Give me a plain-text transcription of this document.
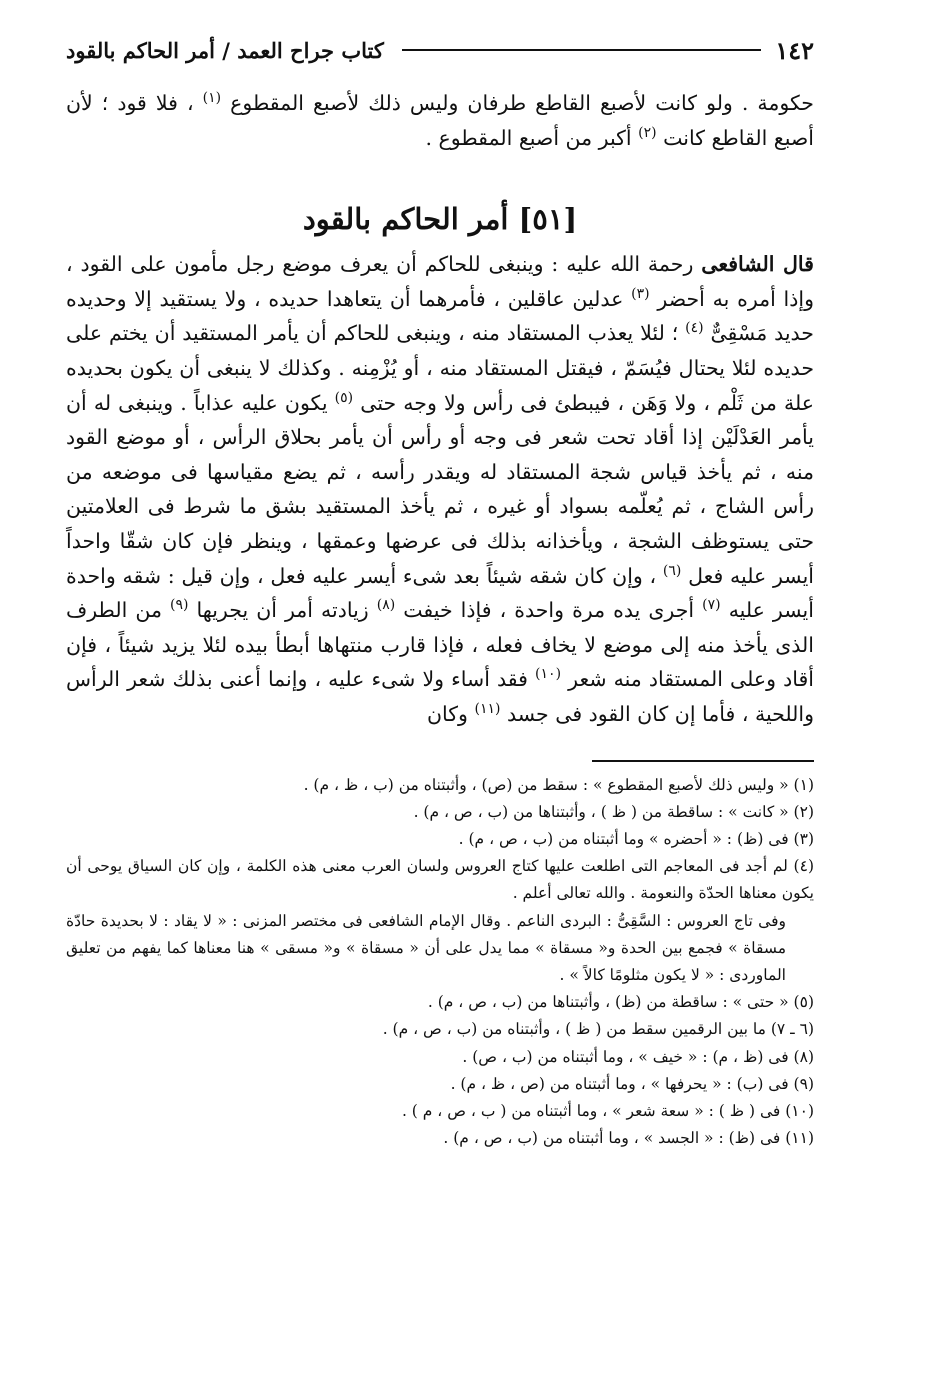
١٤٢
كتاب جراح العمد / أمر الحاكم بالقود

حكومة . ولو كانت لأصبع القاطع طرفان وليس ذلك لأصبع المقطوع $^{(١)}$ ، فلا قود ؛ لأن أصبع القاطع كانت $^{(٢)}$ أكبر من أصبع المقطوع .

[٥١] أمر الحاكم بالقود

قال الشافعى رحمة الله عليه : وينبغى للحاكم أن يعرف موضع رجل مأمون على القود ، وإذا أمره به أحضر $^{(٣)}$ عدلين عاقلين ، فأمرهما أن يتعاهدا حديده ، ولا يستقيد إلا وحديده حديد مَسْقِىٌّ $^{(٤)}$ ؛ لئلا يعذب المستقاد منه ، وينبغى للحاكم أن يأمر المستقيد أن يختم على حديده لئلا يحتال فيُسَمّ ، فيقتل المستقاد منه ، أو يُزْمِنه . وكذلك لا ينبغى أن يكون بحديده علة من ثَلْم ، ولا وَهَن ، فيبطئ فى رأس ولا وجه حتى $^{(٥)}$ يكون عليه عذاباً . وينبغى له أن يأمر العَدْلَيْن إذا أقاد تحت شعر فى وجه أو رأس أن يأمر بحلاق الرأس ، أو موضع القود منه ، ثم يأخذ قياس شجة المستقاد له ويقدر رأسه ، ثم يضع مقياسها فى موضعه من رأس الشاج ، ثم يُعلّمه بسواد أو غيره ، ثم يأخذ المستقيد بشق ما شرط فى العلامتين حتى يستوظف الشجة ، ويأخذانه بذلك فى عرضها وعمقها ، وينظر فإن كان شقّا واحداً أيسر عليه فعل $^{(٦)}$ ، وإن كان شقه شيئاً بعد شىء أيسر عليه فعل ، وإن قيل : شقه واحدة أيسر عليه $^{(٧)}$ أجرى يده مرة واحدة ، فإذا خيفت $^{(٨)}$ زيادته أمر أن يجريها $^{(٩)}$ من الطرف الذى يأخذ منه إلى موضع لا يخاف فعله ، فإذا قارب منتهاها أبطأ بيده لئلا يزيد شيئاً ، فإن أقاد وعلى المستقاد منه شعر $^{(١٠)}$ فقد أساء ولا شىء عليه ، وإنما أعنى بذلك شعر الرأس واللحية ، فأما إن كان القود فى جسد $^{(١١)}$ وكان

(١) « وليس ذلك لأصبع المقطوع » : سقط من (ص) ، وأثبتناه من (ب ، ظ ، م) .

(٢) « كانت » : ساقطة من ( ظ ) ، وأثبتناها من (ب ، ص ، م) .

(٣) فى (ظ) : « أحضره » وما أثبتناه من (ب ، ص ، م) .

(٤) لم أجد فى المعاجم التى اطلعت عليها كتاج العروس ولسان العرب معنى هذه الكلمة ، وإن كان السياق يوحى أن يكون معناها الحدّة والنعومة . والله تعالى أعلم .

وفى تاج العروس : السَّقِىُّ : البردى الناعم . وقال الإمام الشافعى فى مختصر المزنى : « لا يقاد : لا بحديدة حادّة مسقاة » فجمع بين الحدة و« مسقاة » مما يدل على أن « مسقاة » و« مسقى » هنا معناها كما يفهم من تعليق الماوردى : « لا يكون مثلومًا كالاً » .

(٥) « حتى » : ساقطة من (ظ) ، وأثبتناها من (ب ، ص ، م) .

(٦ ـ ٧) ما بين الرقمين سقط من ( ظ ) ، وأثبتناه من (ب ، ص ، م) .

(٨) فى (ظ ، م) : « خيف » ، وما أثبتناه من (ب ، ص) .

(٩) فى (ب) : « يحرفها » ، وما أثبتناه من (ص ، ظ ، م) .

(١٠) فى ( ظ ) : « سعة شعر » ، وما أثبتناه من ( ب ، ص ، م ) .

(١١) فى (ظ) : « الجسد » ، وما أثبتناه من (ب ، ص ، م) .
